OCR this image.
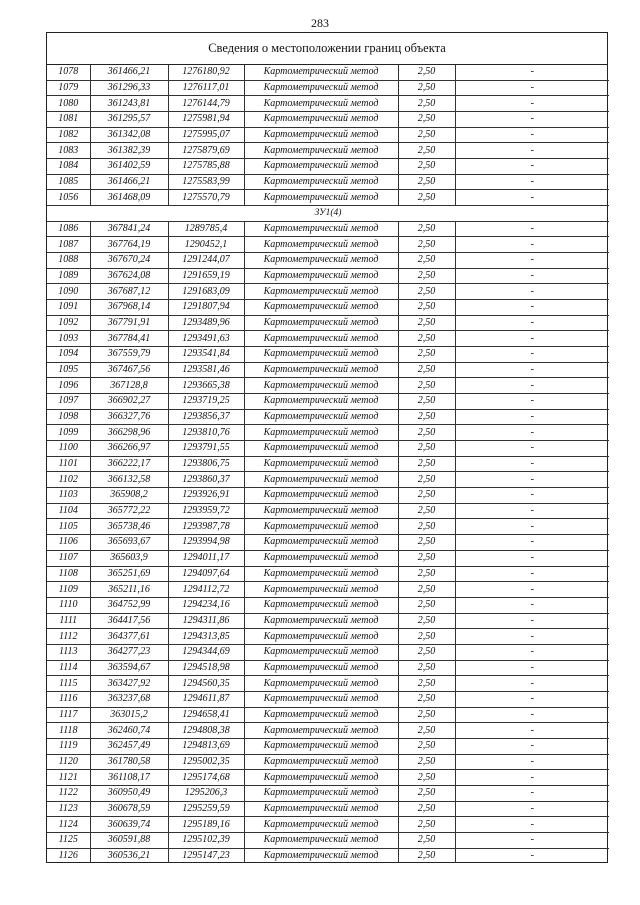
283
Сведения о местоположении границ объекта
1078	361466,21	1276180,92	Картометрический метод	2,50	-
1079	361296,33	1276117,01	Картометрический метод	2,50	-
1080	361243,81	1276144,79	Картометрический метод	2,50	-
1081	361295,57	1275981,94	Картометрический метод	2,50	-
1082	361342,08	1275995,07	Картометрический метод	2,50	-
1083	361382,39	1275879,69	Картометрический метод	2,50	-
1084	361402,59	1275785,88	Картометрический метод	2,50	-
1085	361466,21	1275583,99	Картометрический метод	2,50	-
1056	361468,09	1275570,79	Картометрический метод	2,50	-
ЗУ1(4)					
1086	367841,24	1289785,4	Картометрический метод	2,50	-
1087	367764,19	1290452,1	Картометрический метод	2,50	-
1088	367670,24	1291244,07	Картометрический метод	2,50	-
1089	367624,08	1291659,19	Картометрический метод	2,50	-
1090	367687,12	1291683,09	Картометрический метод	2,50	-
1091	367968,14	1291807,94	Картометрический метод	2,50	-
1092	367791,91	1293489,96	Картометрический метод	2,50	-
1093	367784,41	1293491,63	Картометрический метод	2,50	-
1094	367559,79	1293541,84	Картометрический метод	2,50	-
1095	367467,56	1293581,46	Картометрический метод	2,50	-
1096	367128,8	1293665,38	Картометрический метод	2,50	-
1097	366902,27	1293719,25	Картометрический метод	2,50	-
1098	366327,76	1293856,37	Картометрический метод	2,50	-
1099	366298,96	1293810,76	Картометрический метод	2,50	-
1100	366266,97	1293791,55	Картометрический метод	2,50	-
1101	366222,17	1293806,75	Картометрический метод	2,50	-
1102	366132,58	1293860,37	Картометрический метод	2,50	-
1103	365908,2	1293926,91	Картометрический метод	2,50	-
1104	365772,22	1293959,72	Картометрический метод	2,50	-
1105	365738,46	1293987,78	Картометрический метод	2,50	-
1106	365693,67	1293994,98	Картометрический метод	2,50	-
1107	365603,9	1294011,17	Картометрический метод	2,50	-
1108	365251,69	1294097,64	Картометрический метод	2,50	-
1109	365211,16	1294112,72	Картометрический метод	2,50	-
1110	364752,99	1294234,16	Картометрический метод	2,50	-
1111	364417,56	1294311,86	Картометрический метод	2,50	-
1112	364377,61	1294313,85	Картометрический метод	2,50	-
1113	364277,23	1294344,69	Картометрический метод	2,50	-
1114	363594,67	1294518,98	Картометрический метод	2,50	-
1115	363427,92	1294560,35	Картометрический метод	2,50	-
1116	363237,68	1294611,87	Картометрический метод	2,50	-
1117	363015,2	1294658,41	Картометрический метод	2,50	-
1118	362460,74	1294808,38	Картометрический метод	2,50	-
1119	362457,49	1294813,69	Картометрический метод	2,50	-
1120	361780,58	1295002,35	Картометрический метод	2,50	-
1121	361108,17	1295174,68	Картометрический метод	2,50	-
1122	360950,49	1295206,3	Картометрический метод	2,50	-
1123	360678,59	1295259,59	Картометрический метод	2,50	-
1124	360639,74	1295189,16	Картометрический метод	2,50	-
1125	360591,88	1295102,39	Картометрический метод	2,50	-
1126	360536,21	1295147,23	Картометрический метод	2,50	-
